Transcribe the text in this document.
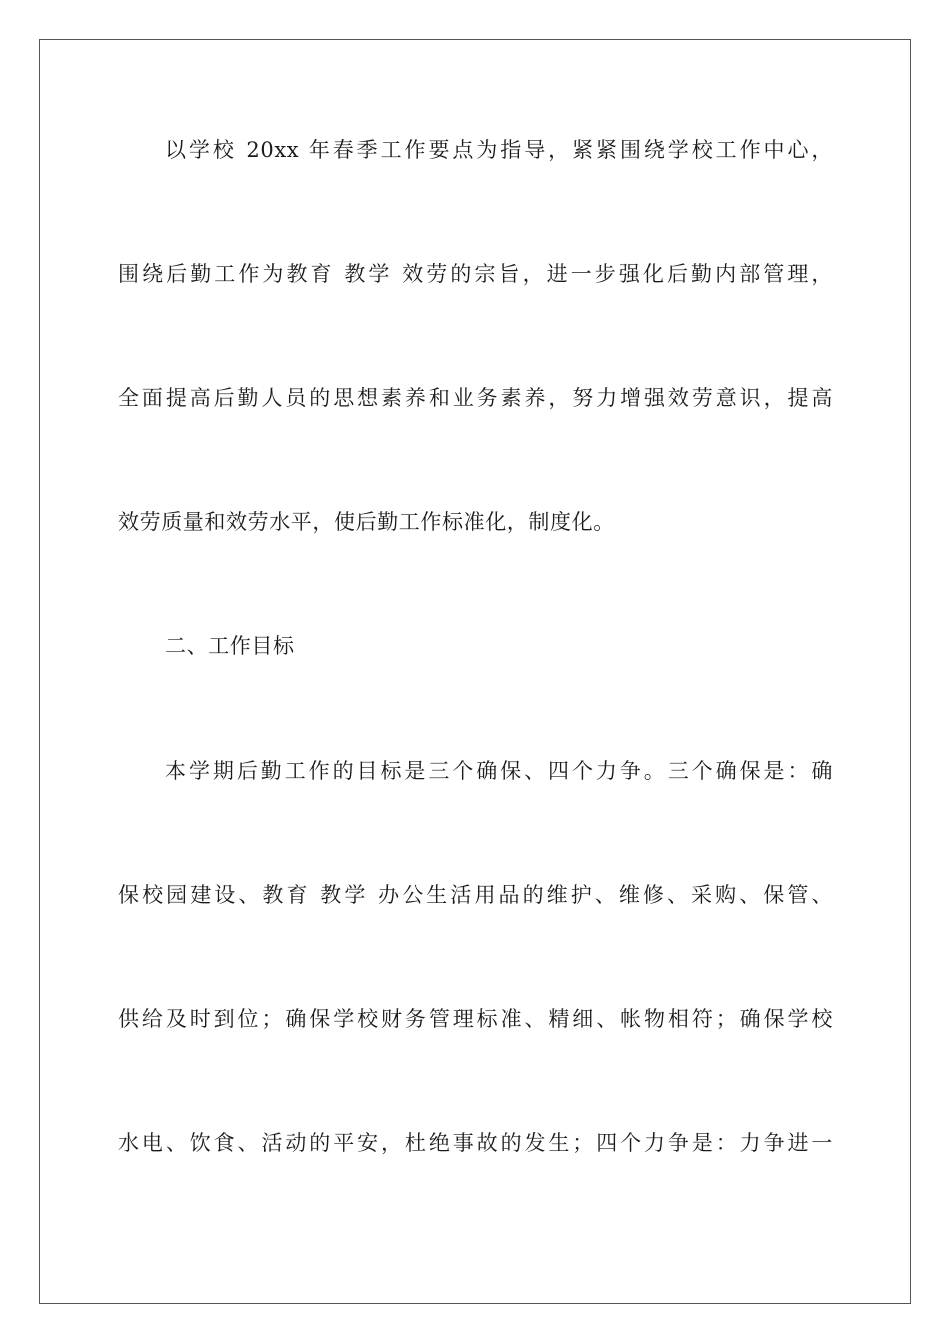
以学校 20xx 年春季工作要点为指导，紧紧围绕学校工作中心，
围绕后勤工作为教育 教学 效劳的宗旨，进一步强化后勤内部管理，
全面提高后勤人员的思想素养和业务素养，努力增强效劳意识，提高
效劳质量和效劳水平，使后勤工作标准化，制度化。
二、工作目标
本学期后勤工作的目标是三个确保、四个力争。三个确保是：确
保校园建设、教育 教学 办公生活用品的维护、维修、采购、保管、
供给及时到位；确保学校财务管理标准、精细、帐物相符；确保学校
水电、饮食、活动的平安，杜绝事故的发生；四个力争是：力争进一
